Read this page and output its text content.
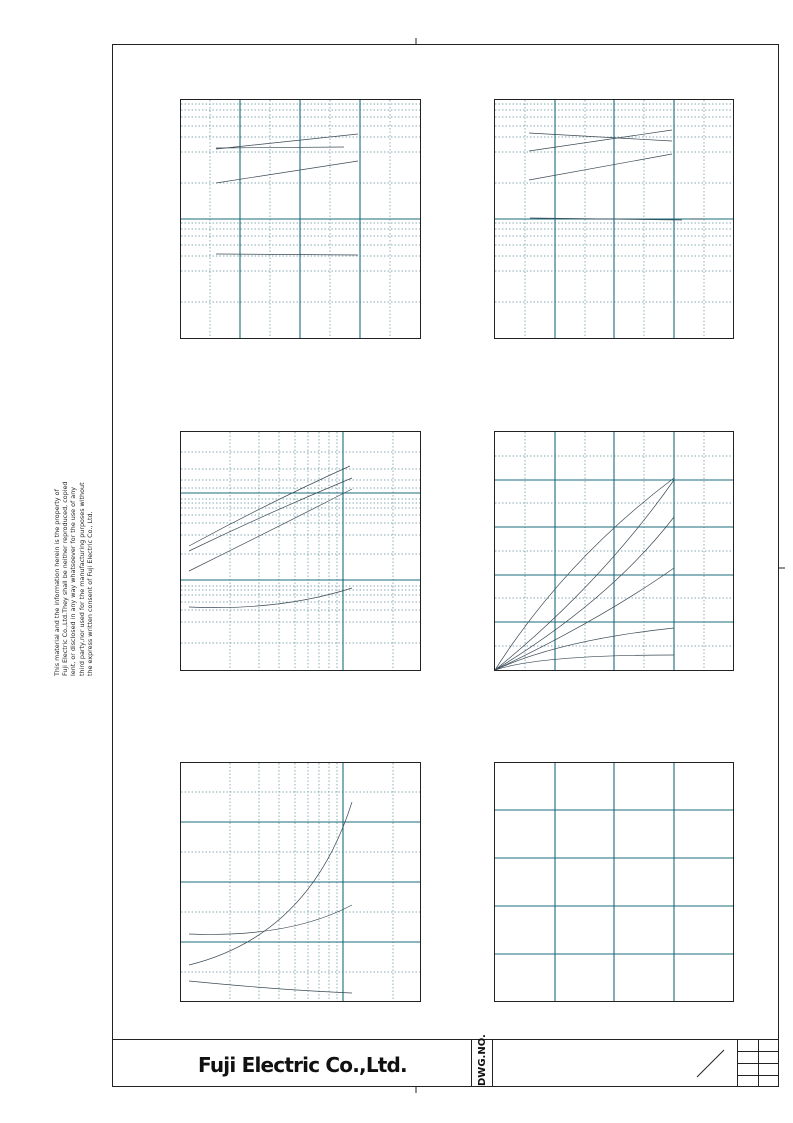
This material and the information herein is the property of Fuji Electric Co.,Ltd.They shall be neither reproduced, copied lent, or disclosed in any way whatsoever for the use of any third party,nor used for the manufacturing purposes without the express written consent of Fuji Electric Co., Ltd.
Fuji Electric Co.,Ltd.	DWG.NO.
